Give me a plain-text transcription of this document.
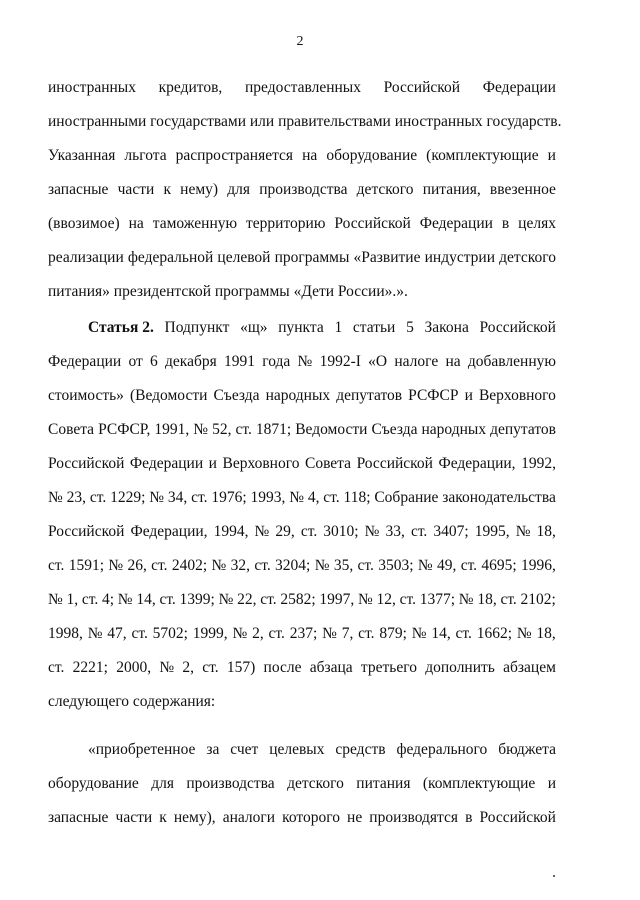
2
иностранных кредитов, предоставленных Российской Федерации
иностранными государствами или правительствами иностранных государств.
Указанная льгота распространяется на оборудование (комплектующие и
запасные части к нему) для производства детского питания, ввезенное
(ввозимое) на таможенную территорию Российской Федерации в целях
реализации федеральной целевой программы «Развитие индустрии детского
питания» президентской программы «Дети России».».
Статья 2. Подпункт «щ» пункта 1 статьи 5 Закона Российской
Федерации от 6 декабря 1991 года № 1992-I «О налоге на добавленную
стоимость» (Ведомости Съезда народных депутатов РСФСР и Верховного
Совета РСФСР, 1991, № 52, ст. 1871; Ведомости Съезда народных депутатов
Российской Федерации и Верховного Совета Российской Федерации, 1992,
№ 23, ст. 1229; № 34, ст. 1976; 1993, № 4, ст. 118; Собрание законодательства
Российской Федерации, 1994, № 29, ст. 3010; № 33, ст. 3407; 1995, № 18,
ст. 1591; № 26, ст. 2402; № 32, ст. 3204; № 35, ст. 3503; № 49, ст. 4695; 1996,
№ 1, ст. 4; № 14, ст. 1399; № 22, ст. 2582; 1997, № 12, ст. 1377; № 18, ст. 2102;
1998, № 47, ст. 5702; 1999, № 2, ст. 237; № 7, ст. 879; № 14, ст. 1662; № 18,
ст. 2221; 2000, № 2, ст. 157) после абзаца третьего дополнить абзацем
следующего содержания:
«приобретенное за счет целевых средств федерального бюджета
оборудование для производства детского питания (комплектующие и
запасные части к нему), аналоги которого не производятся в Российской
